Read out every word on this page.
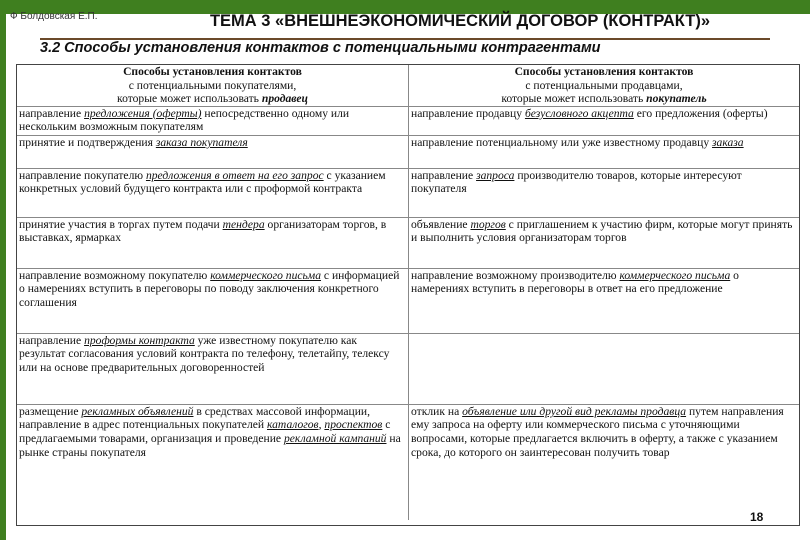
Ф Болдовская Е.П.	ТЕМА 3 «ВНЕШНЕЭКОНОМИЧЕСКИЙ ДОГОВОР (КОНТРАКТ)»
3.2 Способы установления контактов с потенциальными контрагентами
Способы установления контактов
с потенциальными покупателями,
которые может использовать продавец
Способы установления контактов
с потенциальными продавцами,
которые может использовать покупатель
направление предложения (оферты) непосредственно одному или нескольким возможным покупателям
направление продавцу безусловного акцепта его предложения (оферты)
принятие и подтверждения заказа покупателя	направление потенциальному или уже известному продавцу заказа
направление покупателю предложения в ответ на его запрос с указанием конкретных условий будущего контракта или с проформой контракта
направление запроса производителю товаров, которые интересуют покупателя
принятие участия в торгах путем подачи тендера организаторам торгов, в выставках, ярмарках
объявление торгов с приглашением к участию фирм, которые могут принять и выполнить условия организаторам торгов
направление возможному покупателю коммерческого письма с информацией о намерениях вступить в переговоры по поводу заключения конкретного соглашения
направление возможному производителю коммерческого письма о намерениях вступить в переговоры в ответ на его предложение
направление проформы контракта уже известному покупателю как результат согласования условий контракта по телефону, телетайпу, телексу или на основе предварительных договоренностей
размещение рекламных объявлений в средствах массовой информации, направление в адрес потенциальных покупателей каталогов, проспектов с предлагаемыми товарами, организация и проведение рекламной кампаний на рынке страны покупателя
отклик на объявление или другой вид рекламы продавца путем направления ему запроса на оферту или коммерческого письма с уточняющими вопросами, которые предлагается включить в оферту, а также с указанием срока, до которого он заинтересован получить товар
18
